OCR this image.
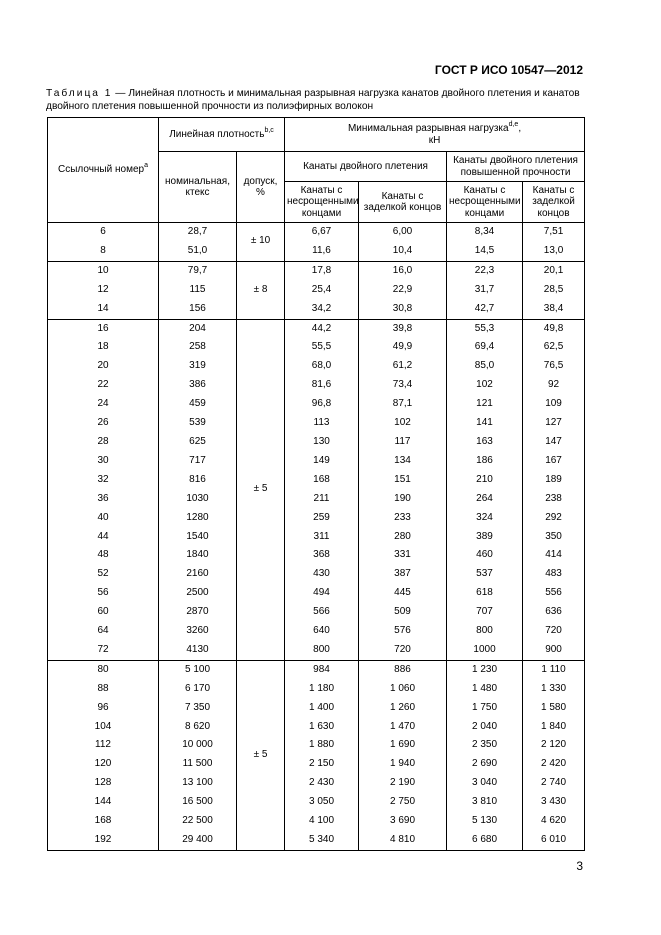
ГОСТ Р ИСО 10547—2012
Таблица 1 — Линейная плотность и минимальная разрывная нагрузка канатов двойного плетения и канатов двойного плетения повышенной прочности из полиэфирных волокон
Ссылочный номер$^a$	Линейная плотность$^{b,c}$		Минимальная разрывная нагрузка$^{d,e}$,
кН			
	номинальная, ктекс	допуск, %	Канаты двойного плетения		Канаты двойного плетения повышенной прочности	
			Канаты с несрощенными концами	Канаты с заделкой концов	Канаты с несрощенными концами	Канаты с заделкой концов
6	28,7	± 10	6,67	6,00	8,34	7,51
8	51,0		11,6	10,4	14,5	13,0
10	79,7	± 8	17,8	16,0	22,3	20,1
12	115		25,4	22,9	31,7	28,5
14	156		34,2	30,8	42,7	38,4
16	204	± 5	44,2	39,8	55,3	49,8
18	258		55,5	49,9	69,4	62,5
20	319		68,0	61,2	85,0	76,5
22	386		81,6	73,4	102	92
24	459		96,8	87,1	121	109
26	539		113	102	141	127
28	625		130	117	163	147
30	717		149	134	186	167
32	816		168	151	210	189
36	1030		211	190	264	238
40	1280		259	233	324	292
44	1540		311	280	389	350
48	1840		368	331	460	414
52	2160		430	387	537	483
56	2500		494	445	618	556
60	2870		566	509	707	636
64	3260		640	576	800	720
72	4130		800	720	1000	900
80	5 100	± 5	984	886	1 230	1 110
88	6 170		1 180	1 060	1 480	1 330
96	7 350		1 400	1 260	1 750	1 580
104	8 620		1 630	1 470	2 040	1 840
112	10 000		1 880	1 690	2 350	2 120
120	11 500		2 150	1 940	2 690	2 420
128	13 100		2 430	2 190	3 040	2 740
144	16 500		3 050	2 750	3 810	3 430
168	22 500		4 100	3 690	5 130	4 620
192	29 400		5 340	4 810	6 680	6 010
3
